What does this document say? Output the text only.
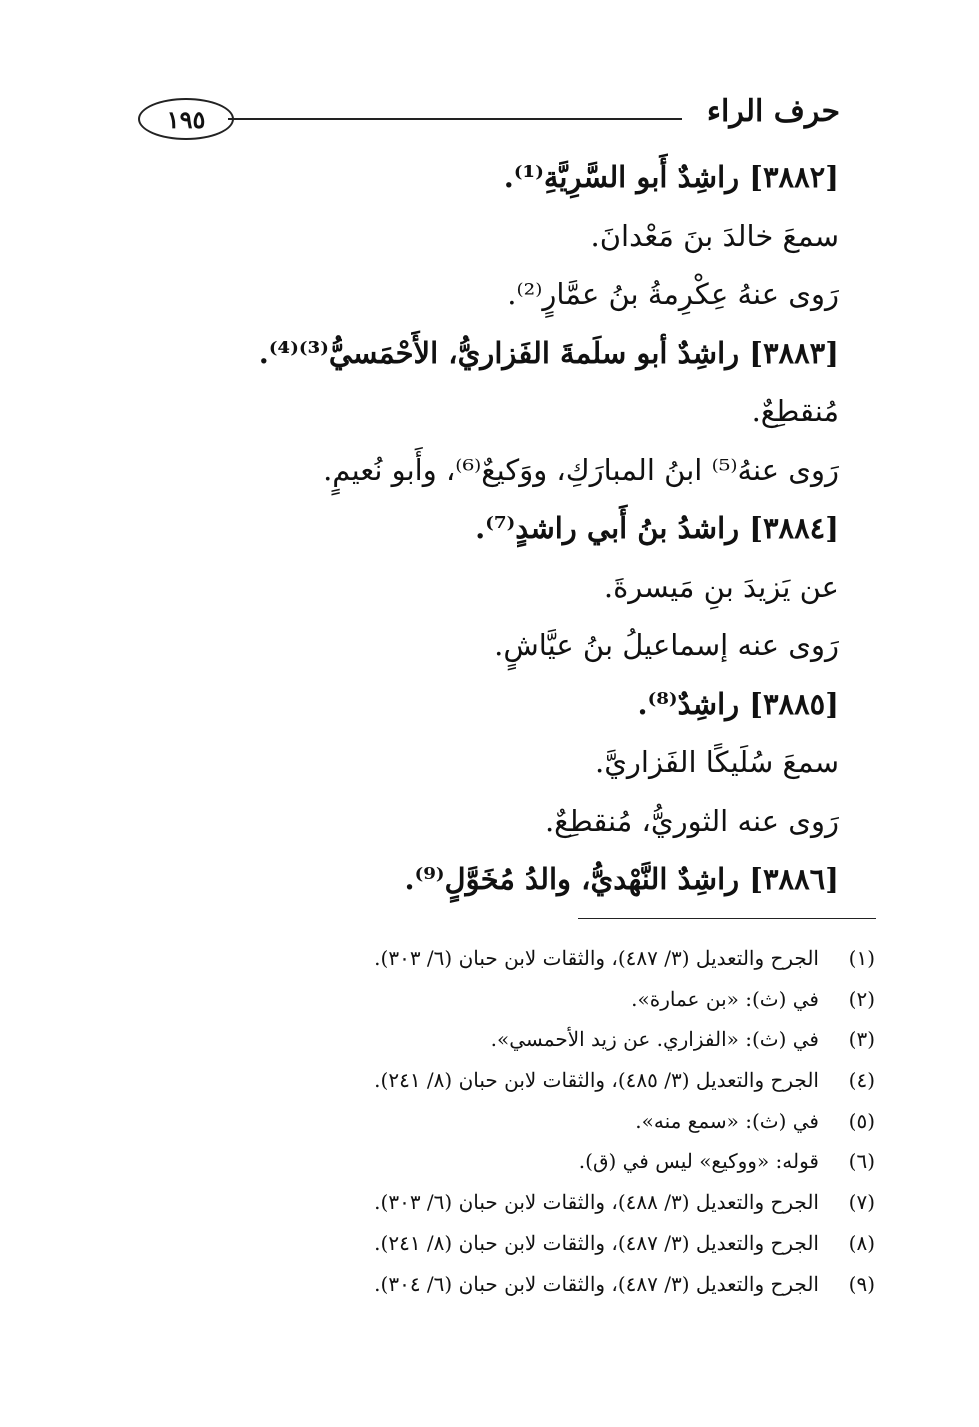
حرف الراء
١٩٥
[٣٨٨٢] راشِدٌ أَبو السَّرِيَّةِ⁽¹⁾.
سمعَ خالدَ بنَ مَعْدانَ.
رَوى عنهُ عِكْرِمةُ بنُ عمَّارٍ⁽²⁾.
[٣٨٨٣] راشِدٌ أبو سلَمةَ الفَزاريُّ، الأَحْمَسيُّ⁽³⁾⁽⁴⁾.
مُنقطِعٌ.
رَوى عنهُ⁽⁵⁾ ابنُ المبارَكِ، ووَكيعٌ⁽⁶⁾، وأَبو نُعيمٍ.
[٣٨٨٤] راشدُ بنُ أَبي راشدٍ⁽⁷⁾.
عن يَزيدَ بنِ مَيسرةَ.
رَوى عنه إسماعيلُ بنُ عيَّاشٍ.
[٣٨٨٥] راشِدٌ⁽⁸⁾.
سمعَ سُلَيكًا الفَزاريَّ.
رَوى عنه الثوريُّ، مُنقطِعٌ.
[٣٨٨٦] راشِدٌ النَّهْديُّ، والدُ مُخَوَّلٍ⁽⁹⁾.
(١)الجرح والتعديل (٣/ ٤٨٧)، والثقات لابن حبان (٦/ ٣٠٣).
(٢)في (ث): «بن عمارة».
(٣)في (ث): «الفزاري. عن زيد الأحمسي».
(٤)الجرح والتعديل (٣/ ٤٨٥)، والثقات لابن حبان (٨/ ٢٤١).
(٥)في (ث): «سمع منه».
(٦)قوله: «ووكيع» ليس في (ق).
(٧)الجرح والتعديل (٣/ ٤٨٨)، والثقات لابن حبان (٦/ ٣٠٣).
(٨)الجرح والتعديل (٣/ ٤٨٧)، والثقات لابن حبان (٨/ ٢٤١).
(٩)الجرح والتعديل (٣/ ٤٨٧)، والثقات لابن حبان (٦/ ٣٠٤).
